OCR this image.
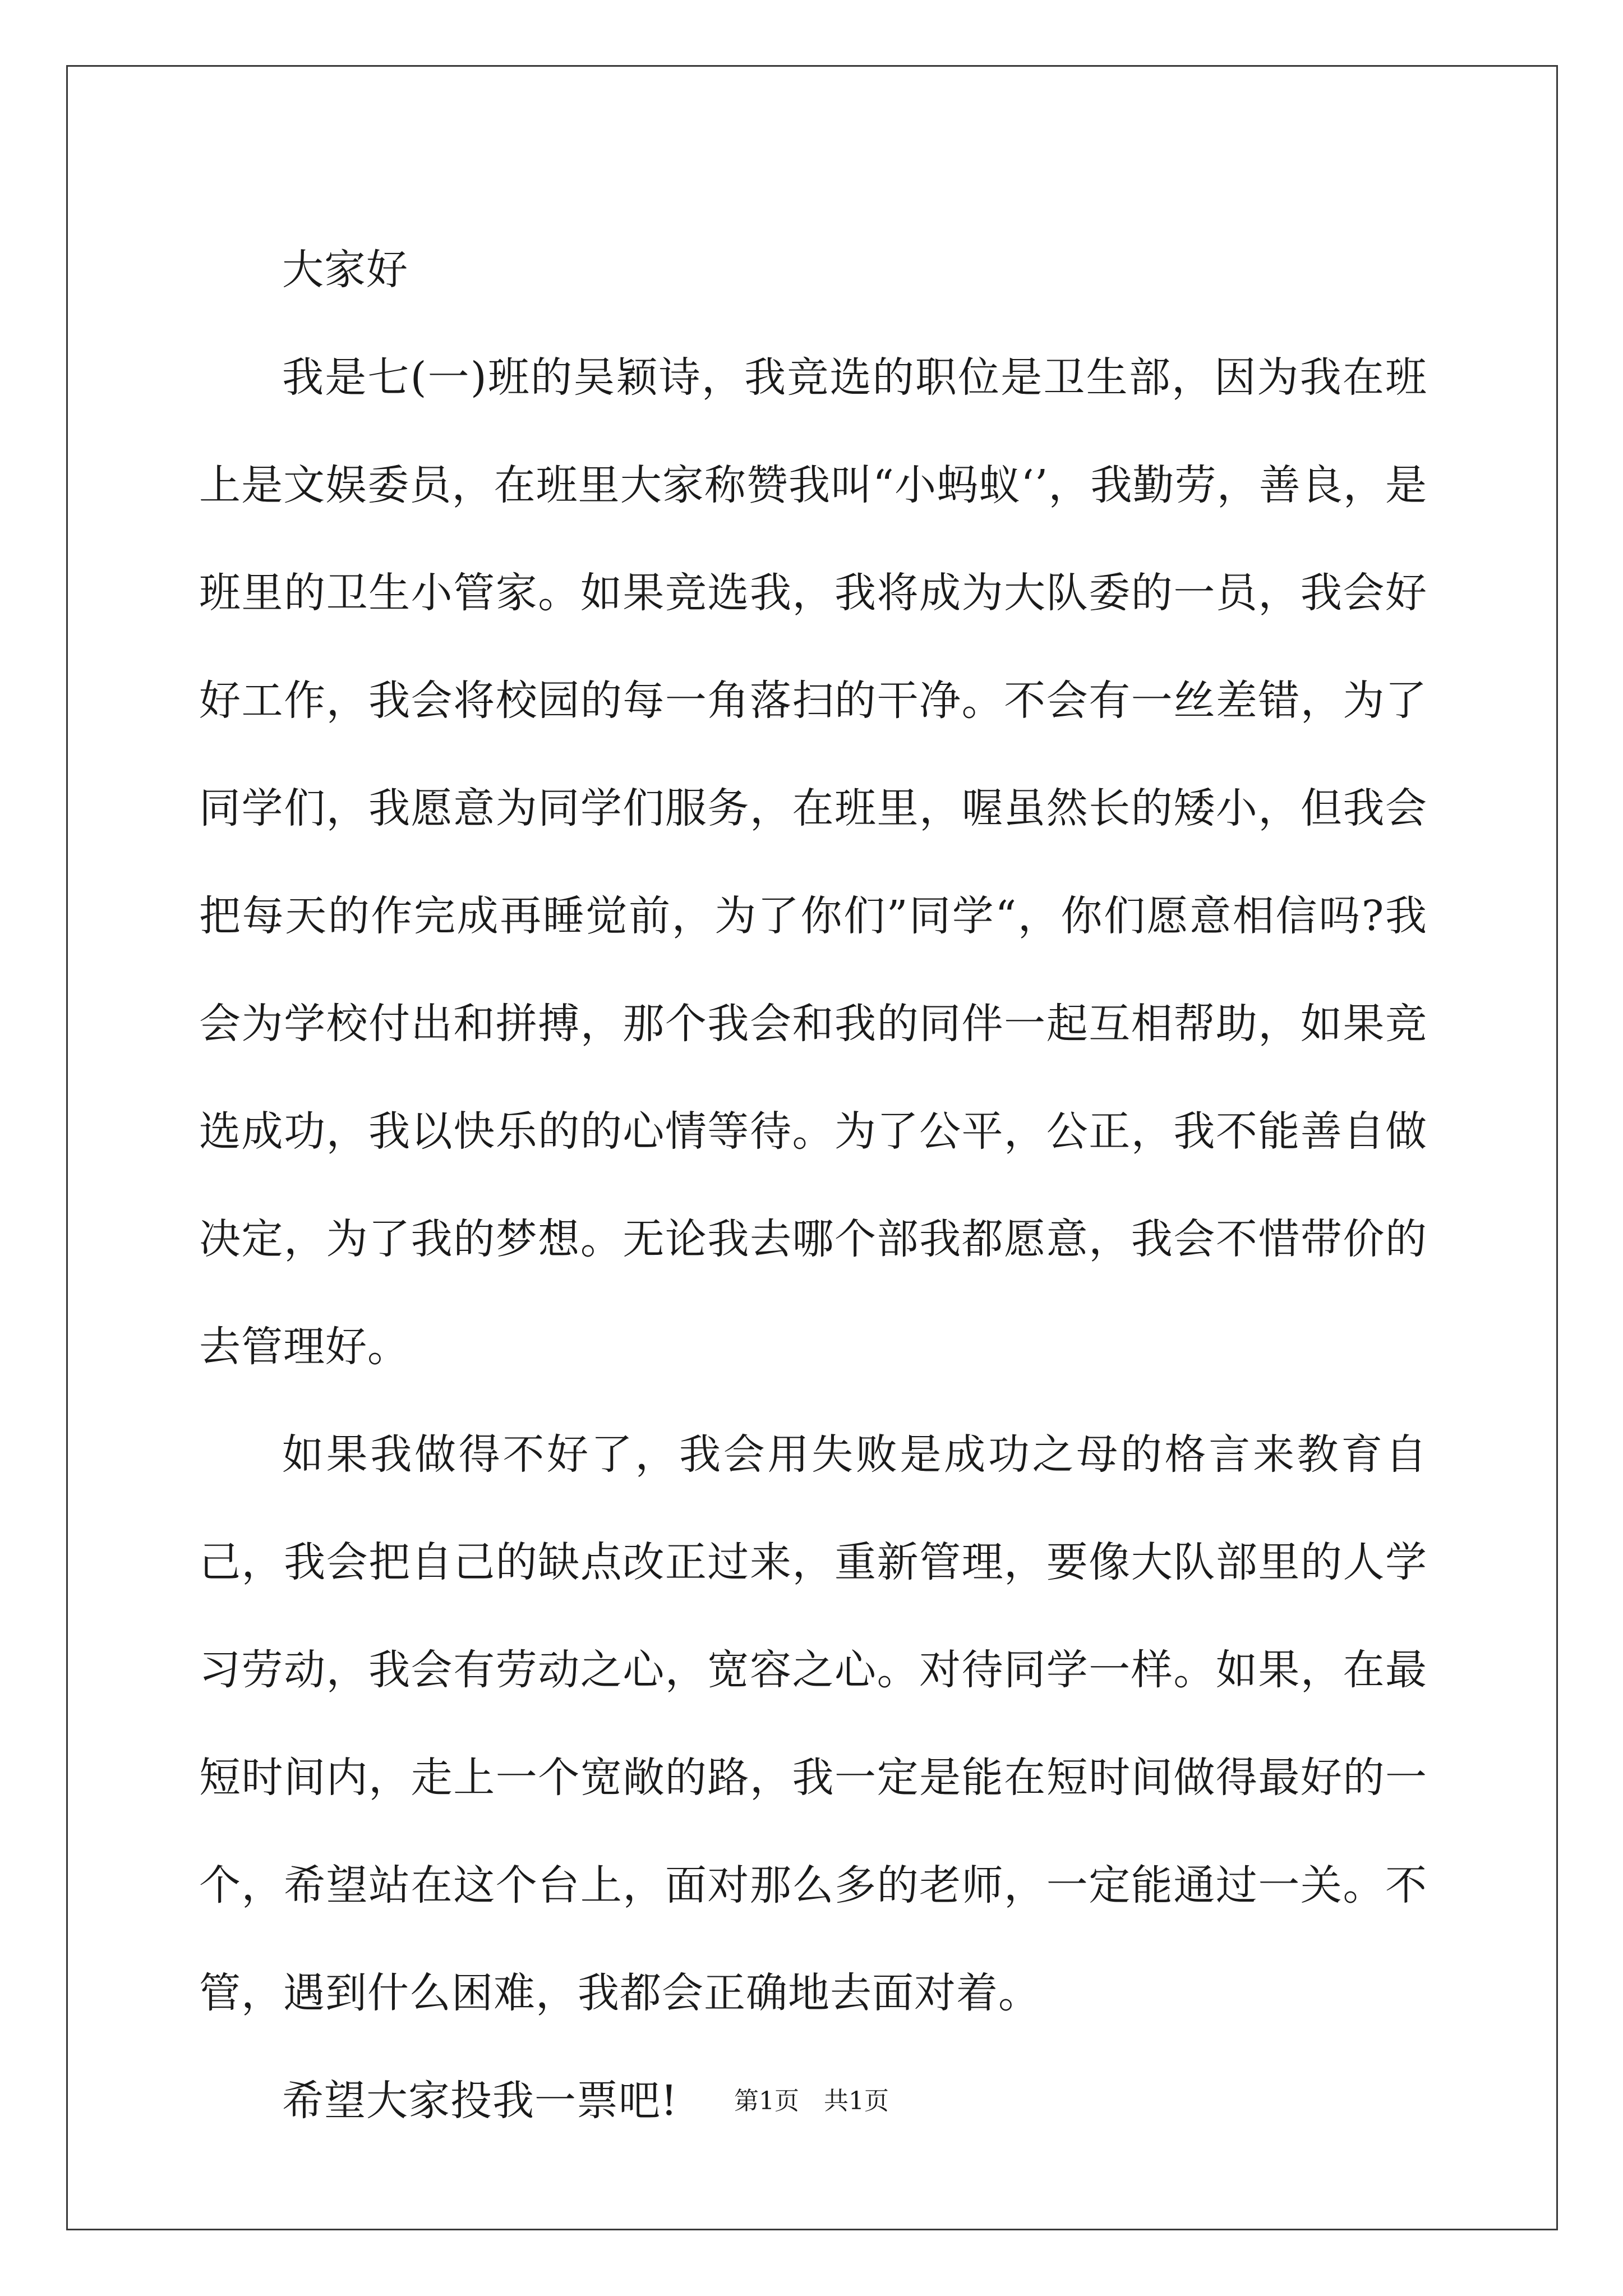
大家好

我是七(一)班的吴颖诗，我竞选的职位是卫生部，因为我在班上是文娱委员，在班里大家称赞我叫“小蚂蚁‘’，我勤劳，善良，是班里的卫生小管家。如果竞选我，我将成为大队委的一员，我会好好工作，我会将校园的每一角落扫的干净。不会有一丝差错，为了同学们，我愿意为同学们服务，在班里，喔虽然长的矮小，但我会把每天的作完成再睡觉前，为了你们”同学“，你们愿意相信吗?我会为学校付出和拼搏，那个我会和我的同伴一起互相帮助，如果竞选成功，我以快乐的的心情等待。为了公平，公正，我不能善自做决定，为了我的梦想。无论我去哪个部我都愿意，我会不惜带价的去管理好。

如果我做得不好了，我会用失败是成功之母的格言来教育自己，我会把自己的缺点改正过来，重新管理，要像大队部里的人学习劳动，我会有劳动之心，宽容之心。对待同学一样。如果，在最短时间内，走上一个宽敞的路，我一定是能在短时间做得最好的一个，希望站在这个台上，面对那么多的老师，一定能通过一关。不管，遇到什么困难，我都会正确地去面对着。

希望大家投我一票吧!	第1页　共1页
